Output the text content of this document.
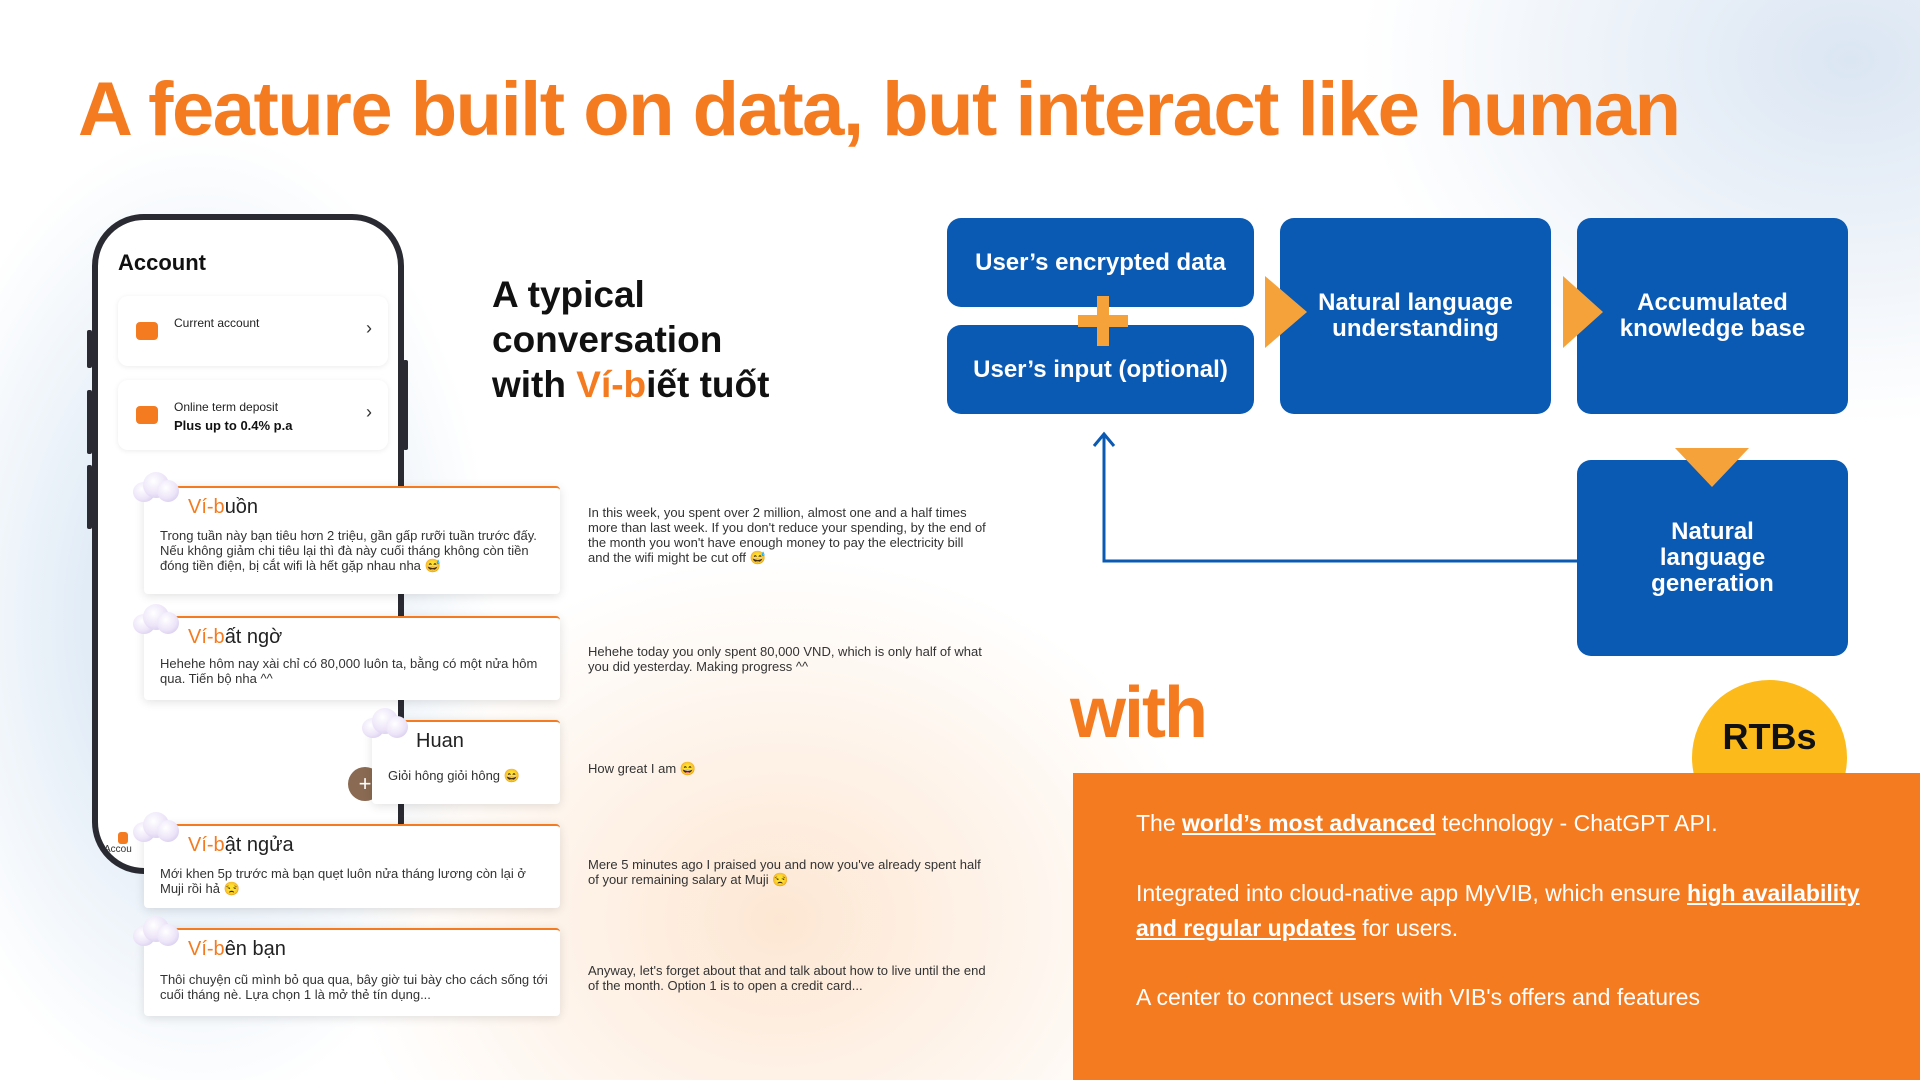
A feature built on data, but interact like human
Account
Current account	›
Online term deposit
Plus up to 0.4% p.a
›
Accou
+
A typical
conversation
with Ví-biết tuốt
Ví-buồn
Trong tuần này bạn tiêu hơn 2 triệu, gần gấp rưỡi tuần trước đấy. Nếu không giảm chi tiêu lại thì đà này cuối tháng không còn tiền đóng tiền điện, bị cắt wifi là hết gặp nhau nha 😅
In this week, you spent over 2 million, almost one and a half times more than last week. If you don't reduce your spending, by the end of the month you won't have enough money to pay the electricity bill and the wifi might be cut off 😅
Ví-bất ngờ
Hehehe hôm nay xài chỉ có 80,000 luôn ta, bằng có một nửa hôm qua. Tiến bộ nha ^^
Hehehe today you only spent 80,000 VND, which is only half of what you did yesterday. Making progress ^^
Huan
Giỏi hông giỏi hông 😄	How great I am 😄
Ví-bật ngửa
Mới khen 5p trước mà bạn quẹt luôn nửa tháng lương còn lại ở Muji rồi hả 😒
Mere 5 minutes ago I praised you and now you've already spent half of your remaining salary at Muji 😒
Ví-bên bạn
Thôi chuyện cũ mình bỏ qua qua, bây giờ tui bày cho cách sống tới cuối tháng nè. Lựa chọn 1 là mở thẻ tín dụng...
Anyway, let's forget about that and talk about how to live until the end of the month. Option 1 is to open a credit card...
User’s encrypted data
User’s input (optional)
Natural language understanding
Accumulated knowledge base
Natural language generation
with	RTBs
The world’s most advanced technology - ChatGPT API.
Integrated into cloud-native app MyVIB, which ensure high availability and regular updates for users.
A center to connect users with VIB's offers and features
